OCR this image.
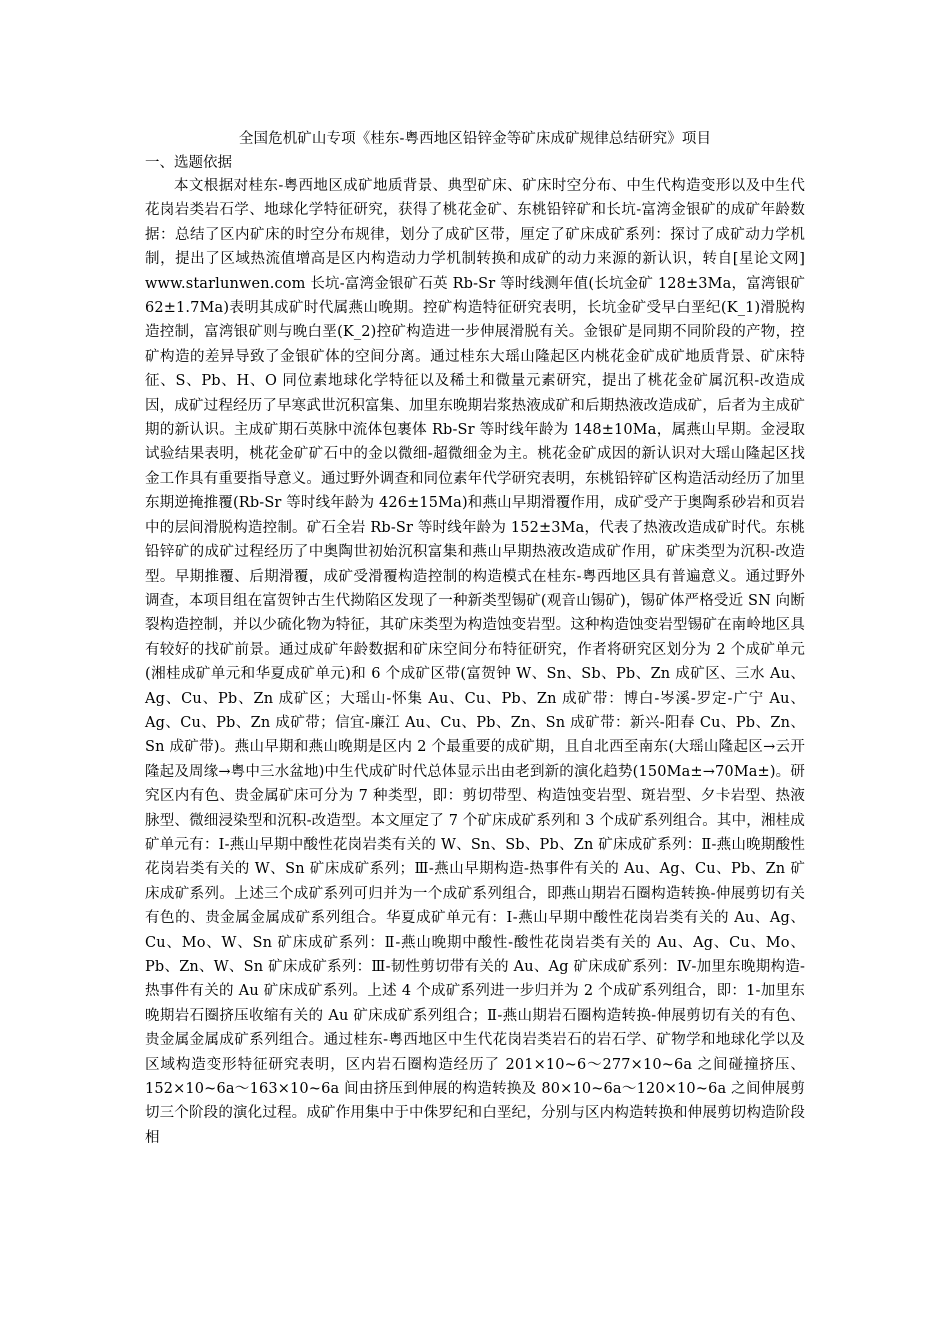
全国危机矿山专项《桂东-粤西地区铅锌金等矿床成矿规律总结研究》项目
一、选题依据

本文根据对桂东-粤西地区成矿地质背景、典型矿床、矿床时空分布、中生代构造变形以及中生代花岗岩类岩石学、地球化学特征研究，获得了桃花金矿、东桃铅锌矿和长坑-富湾金银矿的成矿年龄数据：总结了区内矿床的时空分布规律，划分了成矿区带，厘定了矿床成矿系列：探讨了成矿动力学机制，提出了区域热流值增高是区内构造动力学机制转换和成矿的动力来源的新认识，转自[星论文网] www.starlunwen.com 长坑-富湾金银矿石英 Rb-Sr 等时线测年值(长坑金矿 128±3Ma，富湾银矿 62±1.7Ma)表明其成矿时代属燕山晚期。控矿构造特征研究表明，长坑金矿受早白垩纪(K_1)滑脱构造控制，富湾银矿则与晚白垩(K_2)控矿构造进一步伸展滑脱有关。金银矿是同期不同阶段的产物，控矿构造的差异导致了金银矿体的空间分离。通过桂东大瑶山隆起区内桃花金矿成矿地质背景、矿床特征、S、Pb、H、O 同位素地球化学特征以及稀土和微量元素研究，提出了桃花金矿属沉积-改造成因，成矿过程经历了早寒武世沉积富集、加里东晚期岩浆热液成矿和后期热液改造成矿，后者为主成矿期的新认识。主成矿期石英脉中流体包裹体 Rb-Sr 等时线年龄为 148±10Ma，属燕山早期。金浸取试验结果表明，桃花金矿矿石中的金以微细-超微细金为主。桃花金矿成因的新认识对大瑶山隆起区找金工作具有重要指导意义。通过野外调查和同位素年代学研究表明，东桃铅锌矿区构造活动经历了加里东期逆掩推覆(Rb-Sr 等时线年龄为 426±15Ma)和燕山早期滑覆作用，成矿受产于奥陶系砂岩和页岩中的层间滑脱构造控制。矿石全岩 Rb-Sr 等时线年龄为 152±3Ma，代表了热液改造成矿时代。东桃铅锌矿的成矿过程经历了中奥陶世初始沉积富集和燕山早期热液改造成矿作用，矿床类型为沉积-改造型。早期推覆、后期滑覆，成矿受滑覆构造控制的构造模式在桂东-粤西地区具有普遍意义。通过野外调查，本项目组在富贺钟古生代拗陷区发现了一种新类型锡矿(观音山锡矿)，锡矿体严格受近 SN 向断裂构造控制，并以少硫化物为特征，其矿床类型为构造蚀变岩型。这种构造蚀变岩型锡矿在南岭地区具有较好的找矿前景。通过成矿年龄数据和矿床空间分布特征研究，作者将研究区划分为 2 个成矿单元(湘桂成矿单元和华夏成矿单元)和 6 个成矿区带(富贺钟 W、Sn、Sb、Pb、Zn 成矿区、三水 Au、Ag、Cu、Pb、Zn 成矿区；大瑶山-怀集 Au、Cu、Pb、Zn 成矿带：博白-岑溪-罗定-广宁 Au、Ag、Cu、Pb、Zn 成矿带；信宜-廉江 Au、Cu、Pb、Zn、Sn 成矿带：新兴-阳春 Cu、Pb、Zn、Sn 成矿带)。燕山早期和燕山晚期是区内 2 个最重要的成矿期，且自北西至南东(大瑶山隆起区→云开隆起及周缘→粤中三水盆地)中生代成矿时代总体显示出由老到新的演化趋势(150Ma±→70Ma±)。研究区内有色、贵金属矿床可分为 7 种类型，即：剪切带型、构造蚀变岩型、斑岩型、夕卡岩型、热液脉型、微细浸染型和沉积-改造型。本文厘定了 7 个矿床成矿系列和 3 个成矿系列组合。其中，湘桂成矿单元有：Ⅰ-燕山早期中酸性花岗岩类有关的 W、Sn、Sb、Pb、Zn 矿床成矿系列：Ⅱ-燕山晚期酸性花岗岩类有关的 W、Sn 矿床成矿系列；Ⅲ-燕山早期构造-热事件有关的 Au、Ag、Cu、Pb、Zn 矿床成矿系列。上述三个成矿系列可归并为一个成矿系列组合，即燕山期岩石圈构造转换-伸展剪切有关有色的、贵金属金属成矿系列组合。华夏成矿单元有：Ⅰ-燕山早期中酸性花岗岩类有关的 Au、Ag、Cu、Mo、W、Sn 矿床成矿系列：Ⅱ-燕山晚期中酸性-酸性花岗岩类有关的 Au、Ag、Cu、Mo、Pb、Zn、W、Sn 矿床成矿系列：Ⅲ-韧性剪切带有关的 Au、Ag 矿床成矿系列：Ⅳ-加里东晚期构造-热事件有关的 Au 矿床成矿系列。上述 4 个成矿系列进一步归并为 2 个成矿系列组合，即：1-加里东晚期岩石圈挤压收缩有关的 Au 矿床成矿系列组合；Ⅱ-燕山期岩石圈构造转换-伸展剪切有关的有色、贵金属金属成矿系列组合。通过桂东-粤西地区中生代花岗岩类岩石的岩石学、矿物学和地球化学以及区域构造变形特征研究表明，区内岩石圈构造经历了 201×10~6～277×10~6a 之间碰撞挤压、152×10~6a～163×10~6a 间由挤压到伸展的构造转换及 80×10~6a～120×10~6a 之间伸展剪切三个阶段的演化过程。成矿作用集中于中侏罗纪和白垩纪，分别与区内构造转换和伸展剪切构造阶段相
